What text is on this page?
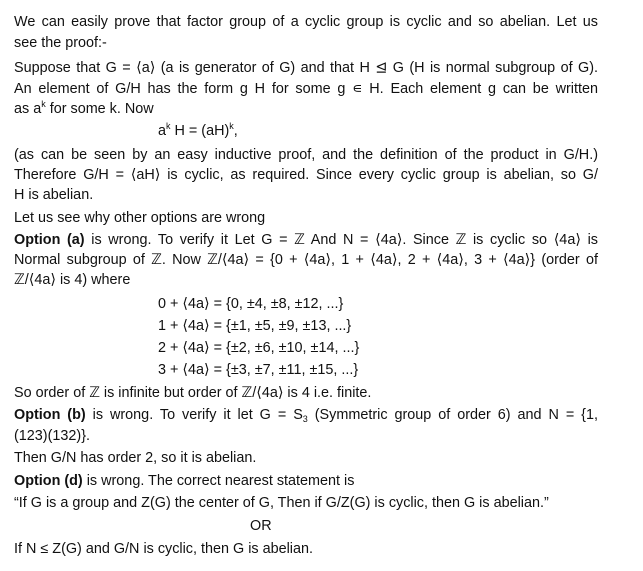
We can easily prove that factor group of a cyclic group is cyclic and so abelian. Let us
see the proof:-
Suppose that G = ⟨a⟩ (a is generator of G) and that H ⊴ G (H is normal subgroup of G).
An element of G/H has the form g H for some g ∊ H. Each element g can be written
as $a^k$ for some k. Now
$a^k$ H = (aH)$^k$,
(as can be seen by an easy inductive proof, and the definition of the product in G/H.)
Therefore G/H = ⟨aH⟩ is cyclic, as required. Since every cyclic group is abelian, so G/
H is abelian.
Let us see why other options are wrong
Option (a) is wrong. To verify it Let G = ℤ And N = ⟨4a⟩. Since ℤ is cyclic so ⟨4a⟩ is
Normal subgroup of ℤ. Now ℤ/⟨4a⟩ = {0 + ⟨4a⟩, 1 + ⟨4a⟩, 2 + ⟨4a⟩, 3 + ⟨4a⟩} (order of
ℤ/⟨4a⟩ is 4) where
0 + ⟨4a⟩ = {0, ±4, ±8, ±12, ...}
1 + ⟨4a⟩ = {±1, ±5, ±9, ±13, ...}
2 + ⟨4a⟩ = {±2, ±6, ±10, ±14, ...}
3 + ⟨4a⟩ = {±3, ±7, ±11, ±15, ...}
So order of ℤ is infinite but order of ℤ/⟨4a⟩ is 4 i.e. finite.
Option (b) is wrong. To verify it let $G = S_3$ (Symmetric group of order 6) and N = {1,
(123)(132)}.
Then G/N has order 2, so it is abelian.
Option (d) is wrong. The correct nearest statement is
“If G is a group and Z(G) the center of G, Then if G/Z(G) is cyclic, then G is abelian.”
OR
If N ≤ Z(G) and G/N is cyclic, then G is abelian.
